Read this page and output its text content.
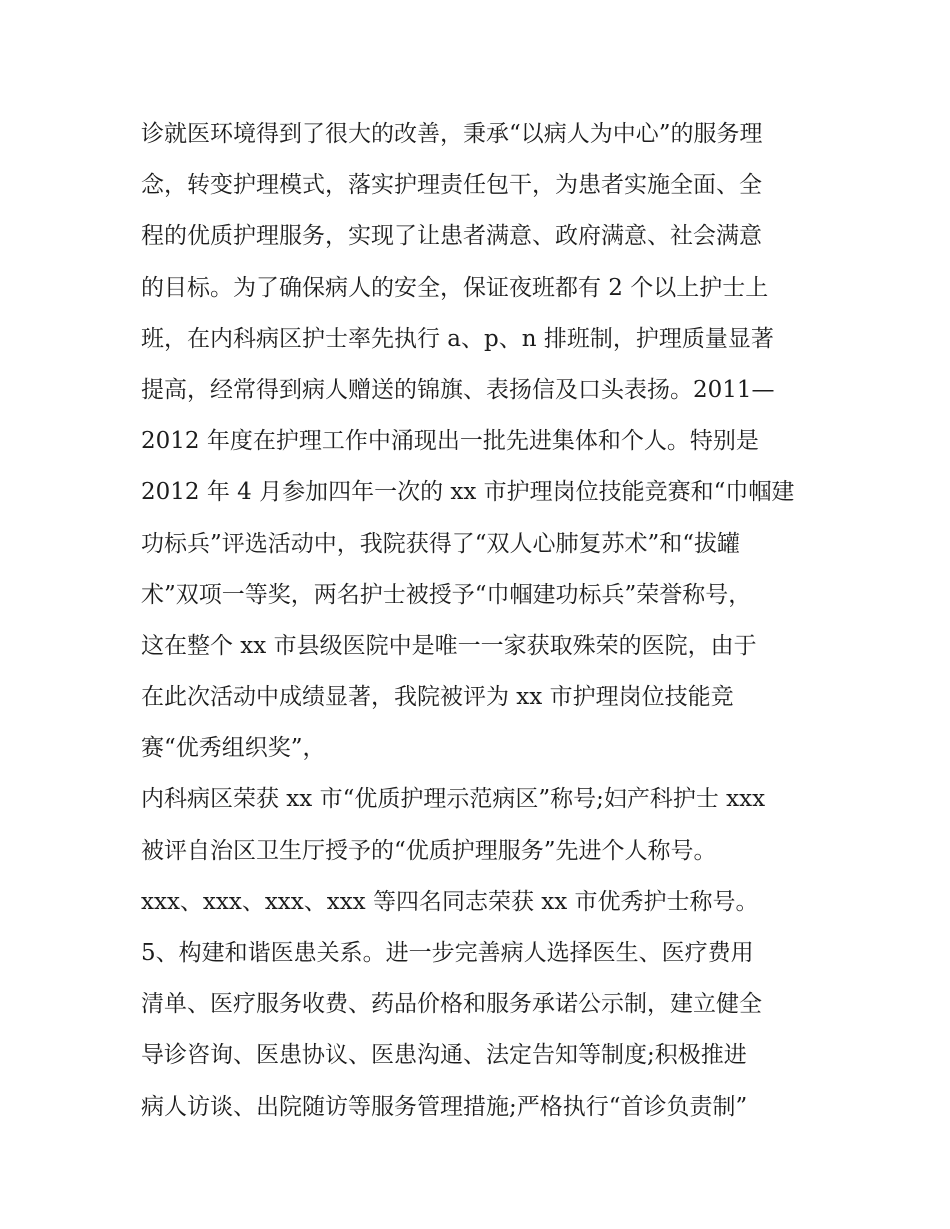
诊就医环境得到了很大的改善，秉承“以病人为中心”的服务理
念，转变护理模式，落实护理责任包干，为患者实施全面、全
程的优质护理服务，实现了让患者满意、政府满意、社会满意
的目标。为了确保病人的安全，保证夜班都有 2 个以上护士上
班，在内科病区护士率先执行 a、p、n 排班制，护理质量显著
提高，经常得到病人赠送的锦旗、表扬信及口头表扬。2011—
2012 年度在护理工作中涌现出一批先进集体和个人。特别是
2012 年 4 月参加四年一次的 xx 市护理岗位技能竞赛和“巾帼建
功标兵”评选活动中，我院获得了“双人心肺复苏术”和“拔罐
术”双项一等奖，两名护士被授予“巾帼建功标兵”荣誉称号，
这在整个 xx 市县级医院中是唯一一家获取殊荣的医院，由于
在此次活动中成绩显著，我院被评为 xx 市护理岗位技能竞
赛“优秀组织奖”，
内科病区荣获 xx 市“优质护理示范病区”称号;妇产科护士 xxx
被评自治区卫生厅授予的“优质护理服务”先进个人称号。
xxx、xxx、xxx、xxx 等四名同志荣获 xx 市优秀护士称号。
5、构建和谐医患关系。进一步完善病人选择医生、医疗费用
清单、医疗服务收费、药品价格和服务承诺公示制，建立健全
导诊咨询、医患协议、医患沟通、法定告知等制度;积极推进
病人访谈、出院随访等服务管理措施;严格执行“首诊负责制”
